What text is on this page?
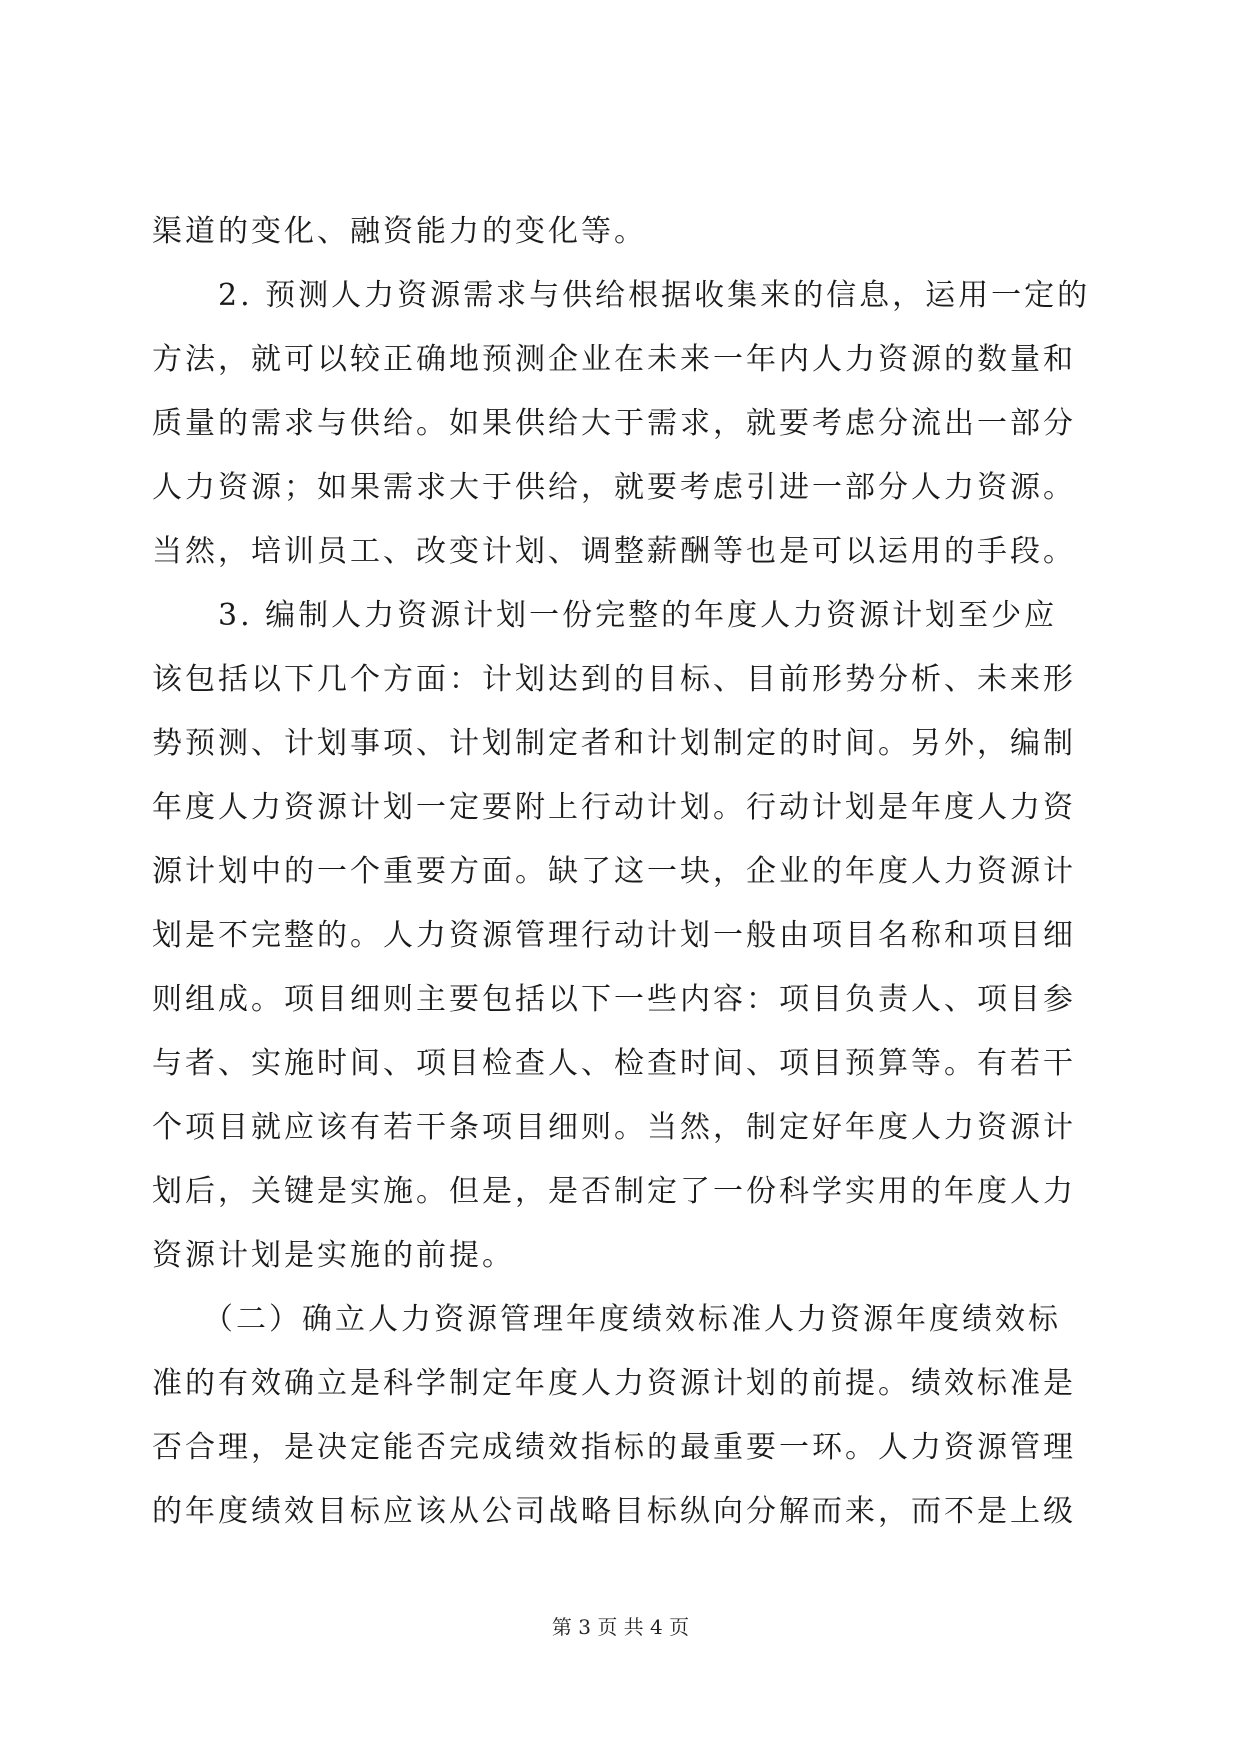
渠道的变化、融资能力的变化等。
　　2. 预测人力资源需求与供给根据收集来的信息，运用一定的
方法，就可以较正确地预测企业在未来一年内人力资源的数量和
质量的需求与供给。如果供给大于需求，就要考虑分流出一部分
人力资源；如果需求大于供给，就要考虑引进一部分人力资源。
当然，培训员工、改变计划、调整薪酬等也是可以运用的手段。
　　3. 编制人力资源计划一份完整的年度人力资源计划至少应
该包括以下几个方面：计划达到的目标、目前形势分析、未来形
势预测、计划事项、计划制定者和计划制定的时间。另外，编制
年度人力资源计划一定要附上行动计划。行动计划是年度人力资
源计划中的一个重要方面。缺了这一块，企业的年度人力资源计
划是不完整的。人力资源管理行动计划一般由项目名称和项目细
则组成。项目细则主要包括以下一些内容：项目负责人、项目参
与者、实施时间、项目检查人、检查时间、项目预算等。有若干
个项目就应该有若干条项目细则。当然，制定好年度人力资源计
划后，关键是实施。但是，是否制定了一份科学实用的年度人力
资源计划是实施的前提。
　　（二）确立人力资源管理年度绩效标准人力资源年度绩效标
准的有效确立是科学制定年度人力资源计划的前提。绩效标准是
否合理，是决定能否完成绩效指标的最重要一环。人力资源管理
的年度绩效目标应该从公司战略目标纵向分解而来，而不是上级
第 3 页 共 4 页
